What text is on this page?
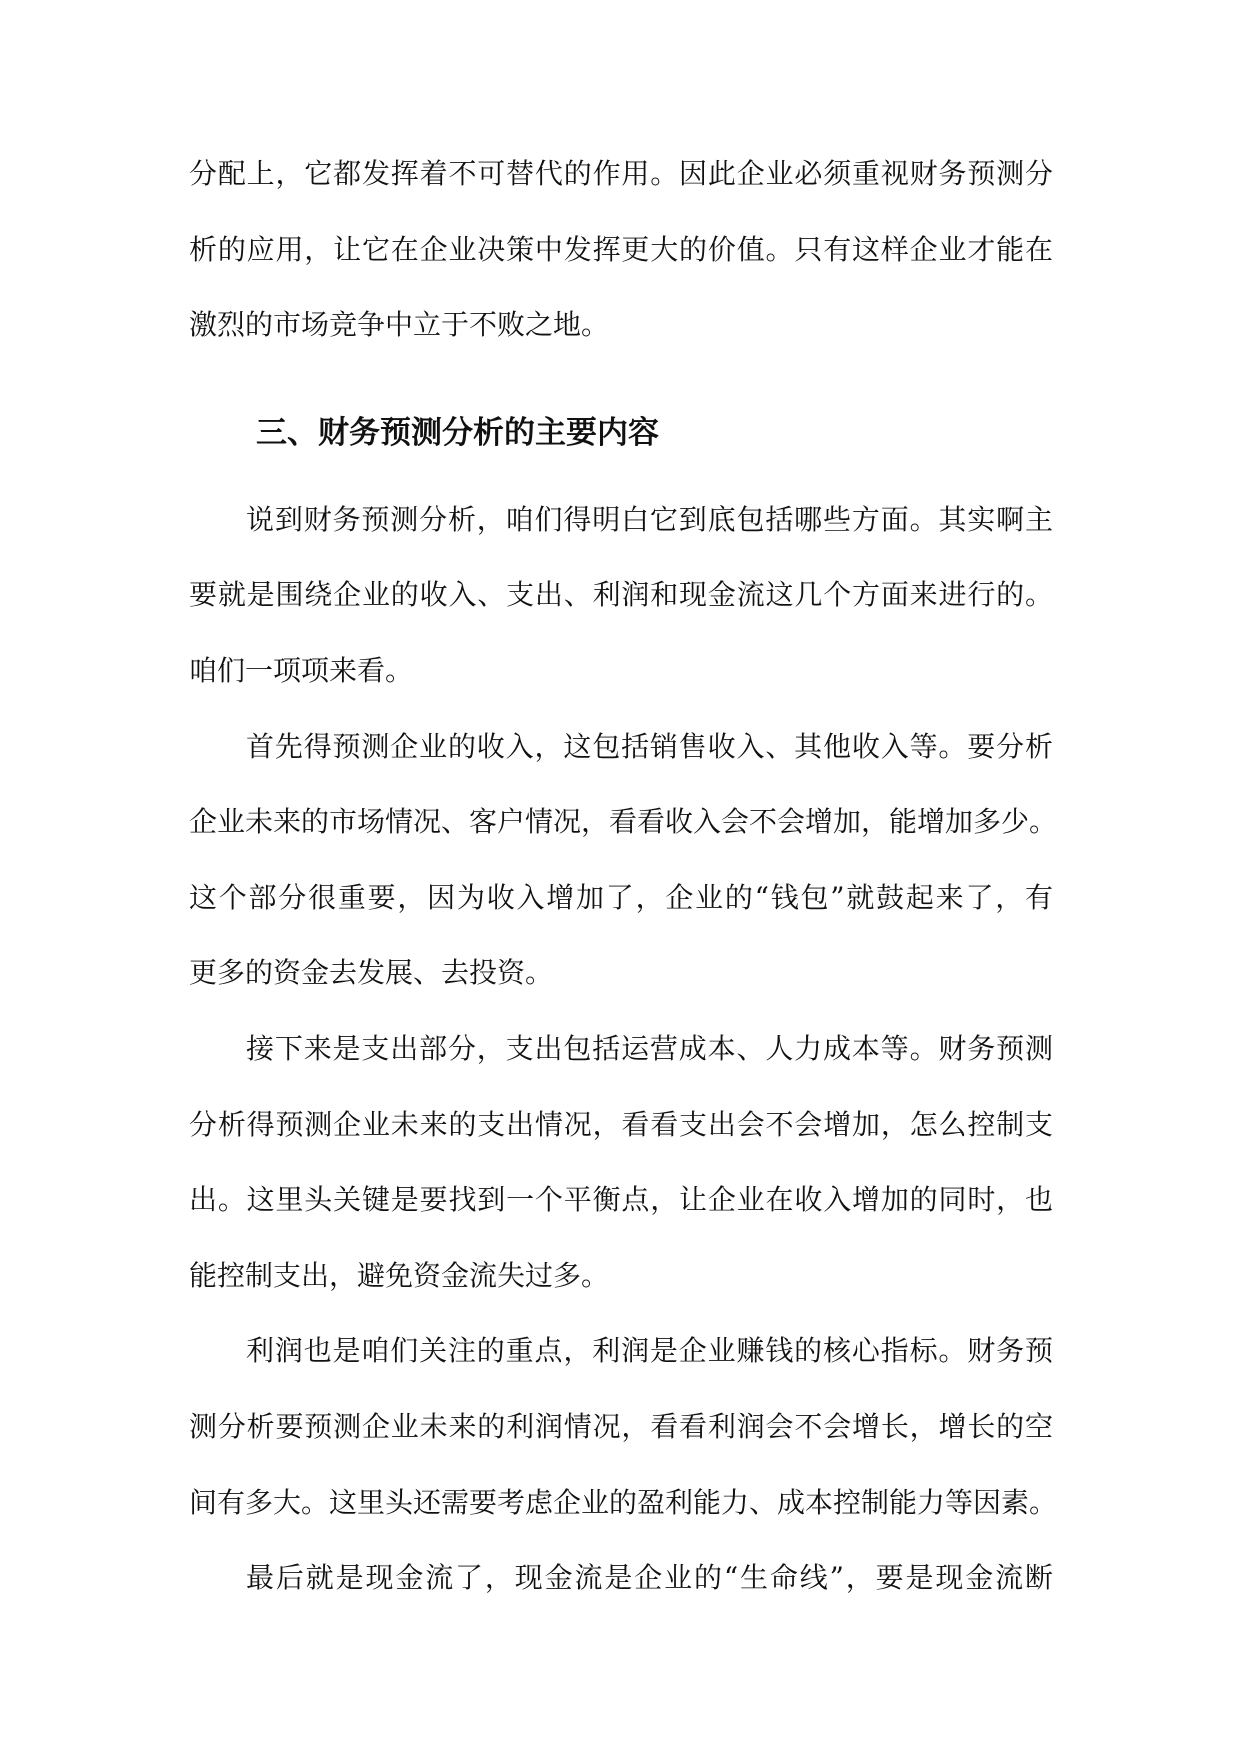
分配上，它都发挥着不可替代的作用。因此企业必须重视财务预测分
析的应用，让它在企业决策中发挥更大的价值。只有这样企业才能在
激烈的市场竞争中立于不败之地。
三、财务预测分析的主要内容
说到财务预测分析，咱们得明白它到底包括哪些方面。其实啊主
要就是围绕企业的收入、支出、利润和现金流这几个方面来进行的。
咱们一项项来看。
首先得预测企业的收入，这包括销售收入、其他收入等。要分析
企业未来的市场情况、客户情况，看看收入会不会增加，能增加多少。
这个部分很重要，因为收入增加了，企业的“钱包”就鼓起来了，有
更多的资金去发展、去投资。
接下来是支出部分，支出包括运营成本、人力成本等。财务预测
分析得预测企业未来的支出情况，看看支出会不会增加，怎么控制支
出。这里头关键是要找到一个平衡点，让企业在收入增加的同时，也
能控制支出，避免资金流失过多。
利润也是咱们关注的重点，利润是企业赚钱的核心指标。财务预
测分析要预测企业未来的利润情况，看看利润会不会增长，增长的空
间有多大。这里头还需要考虑企业的盈利能力、成本控制能力等因素。
最后就是现金流了，现金流是企业的“生命线”，要是现金流断
